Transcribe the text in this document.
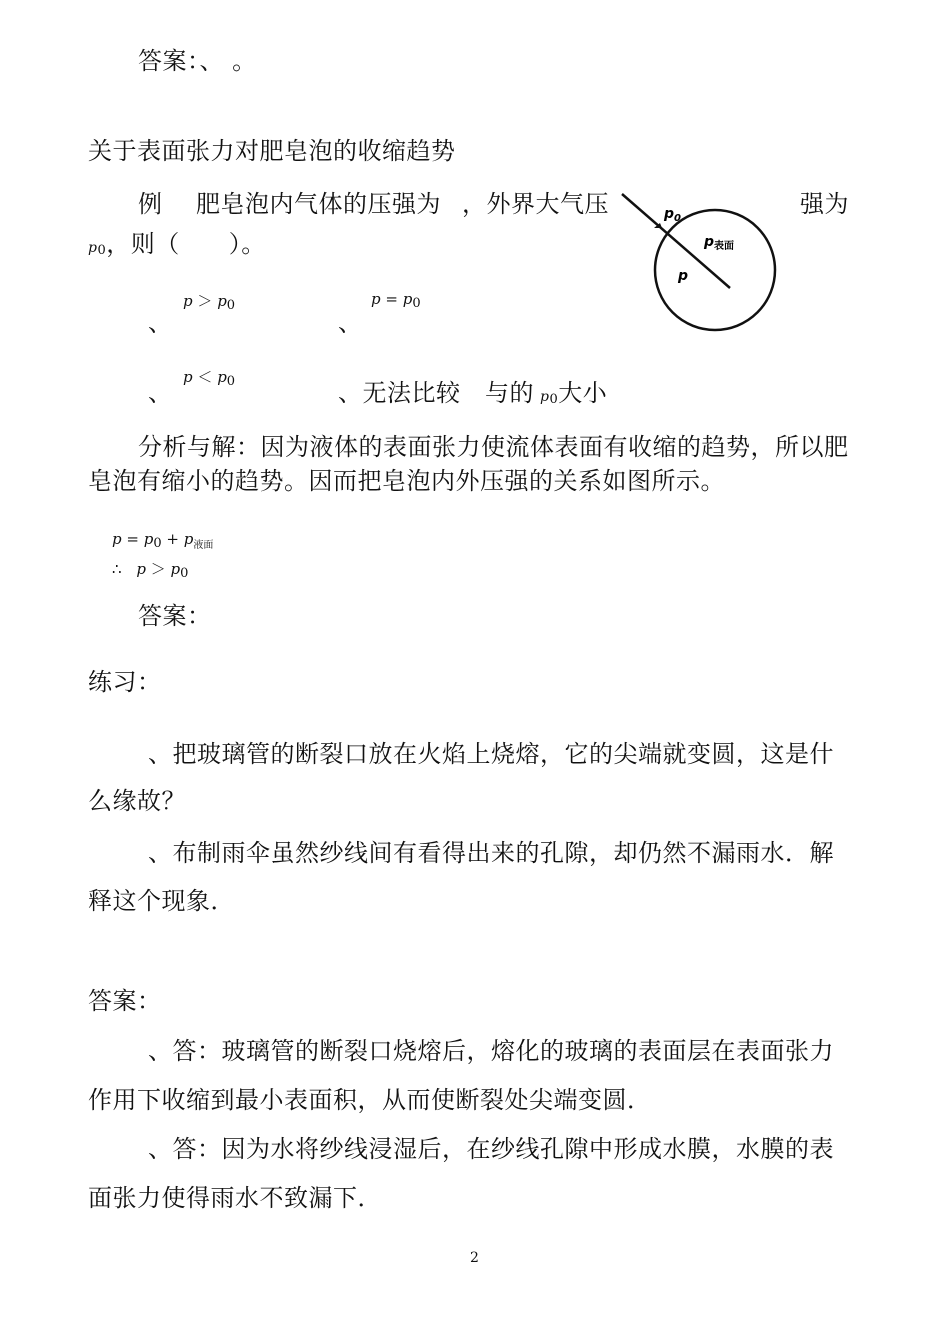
答案：、 。
关于表面张力对肥皂泡的收缩趋势
例 肥皂泡内气体的压强为 ，外界大气压	强为
p0，则（　　）。
、
p ＞ p0
、
p = p0
、
p ＜ p0	、无法比较　与的 p0大小
$p_0$
$p_{表面}$
p
分析与解：因为液体的表面张力使流体表面有收缩的趋势，所以肥
皂泡有缩小的趋势。因而把皂泡内外压强的关系如图所示。
$p = p0 + p_{液面}$
∴ p ＞ p0
答案：
练习：
、把玻璃管的断裂口放在火焰上烧熔，它的尖端就变圆，这是什
么缘故？
、布制雨伞虽然纱线间有看得出来的孔隙，却仍然不漏雨水．解
释这个现象．
答案：
、答：玻璃管的断裂口烧熔后，熔化的玻璃的表面层在表面张力
作用下收缩到最小表面积，从而使断裂处尖端变圆．
、答：因为水将纱线浸湿后，在纱线孔隙中形成水膜，水膜的表
面张力使得雨水不致漏下．
2
